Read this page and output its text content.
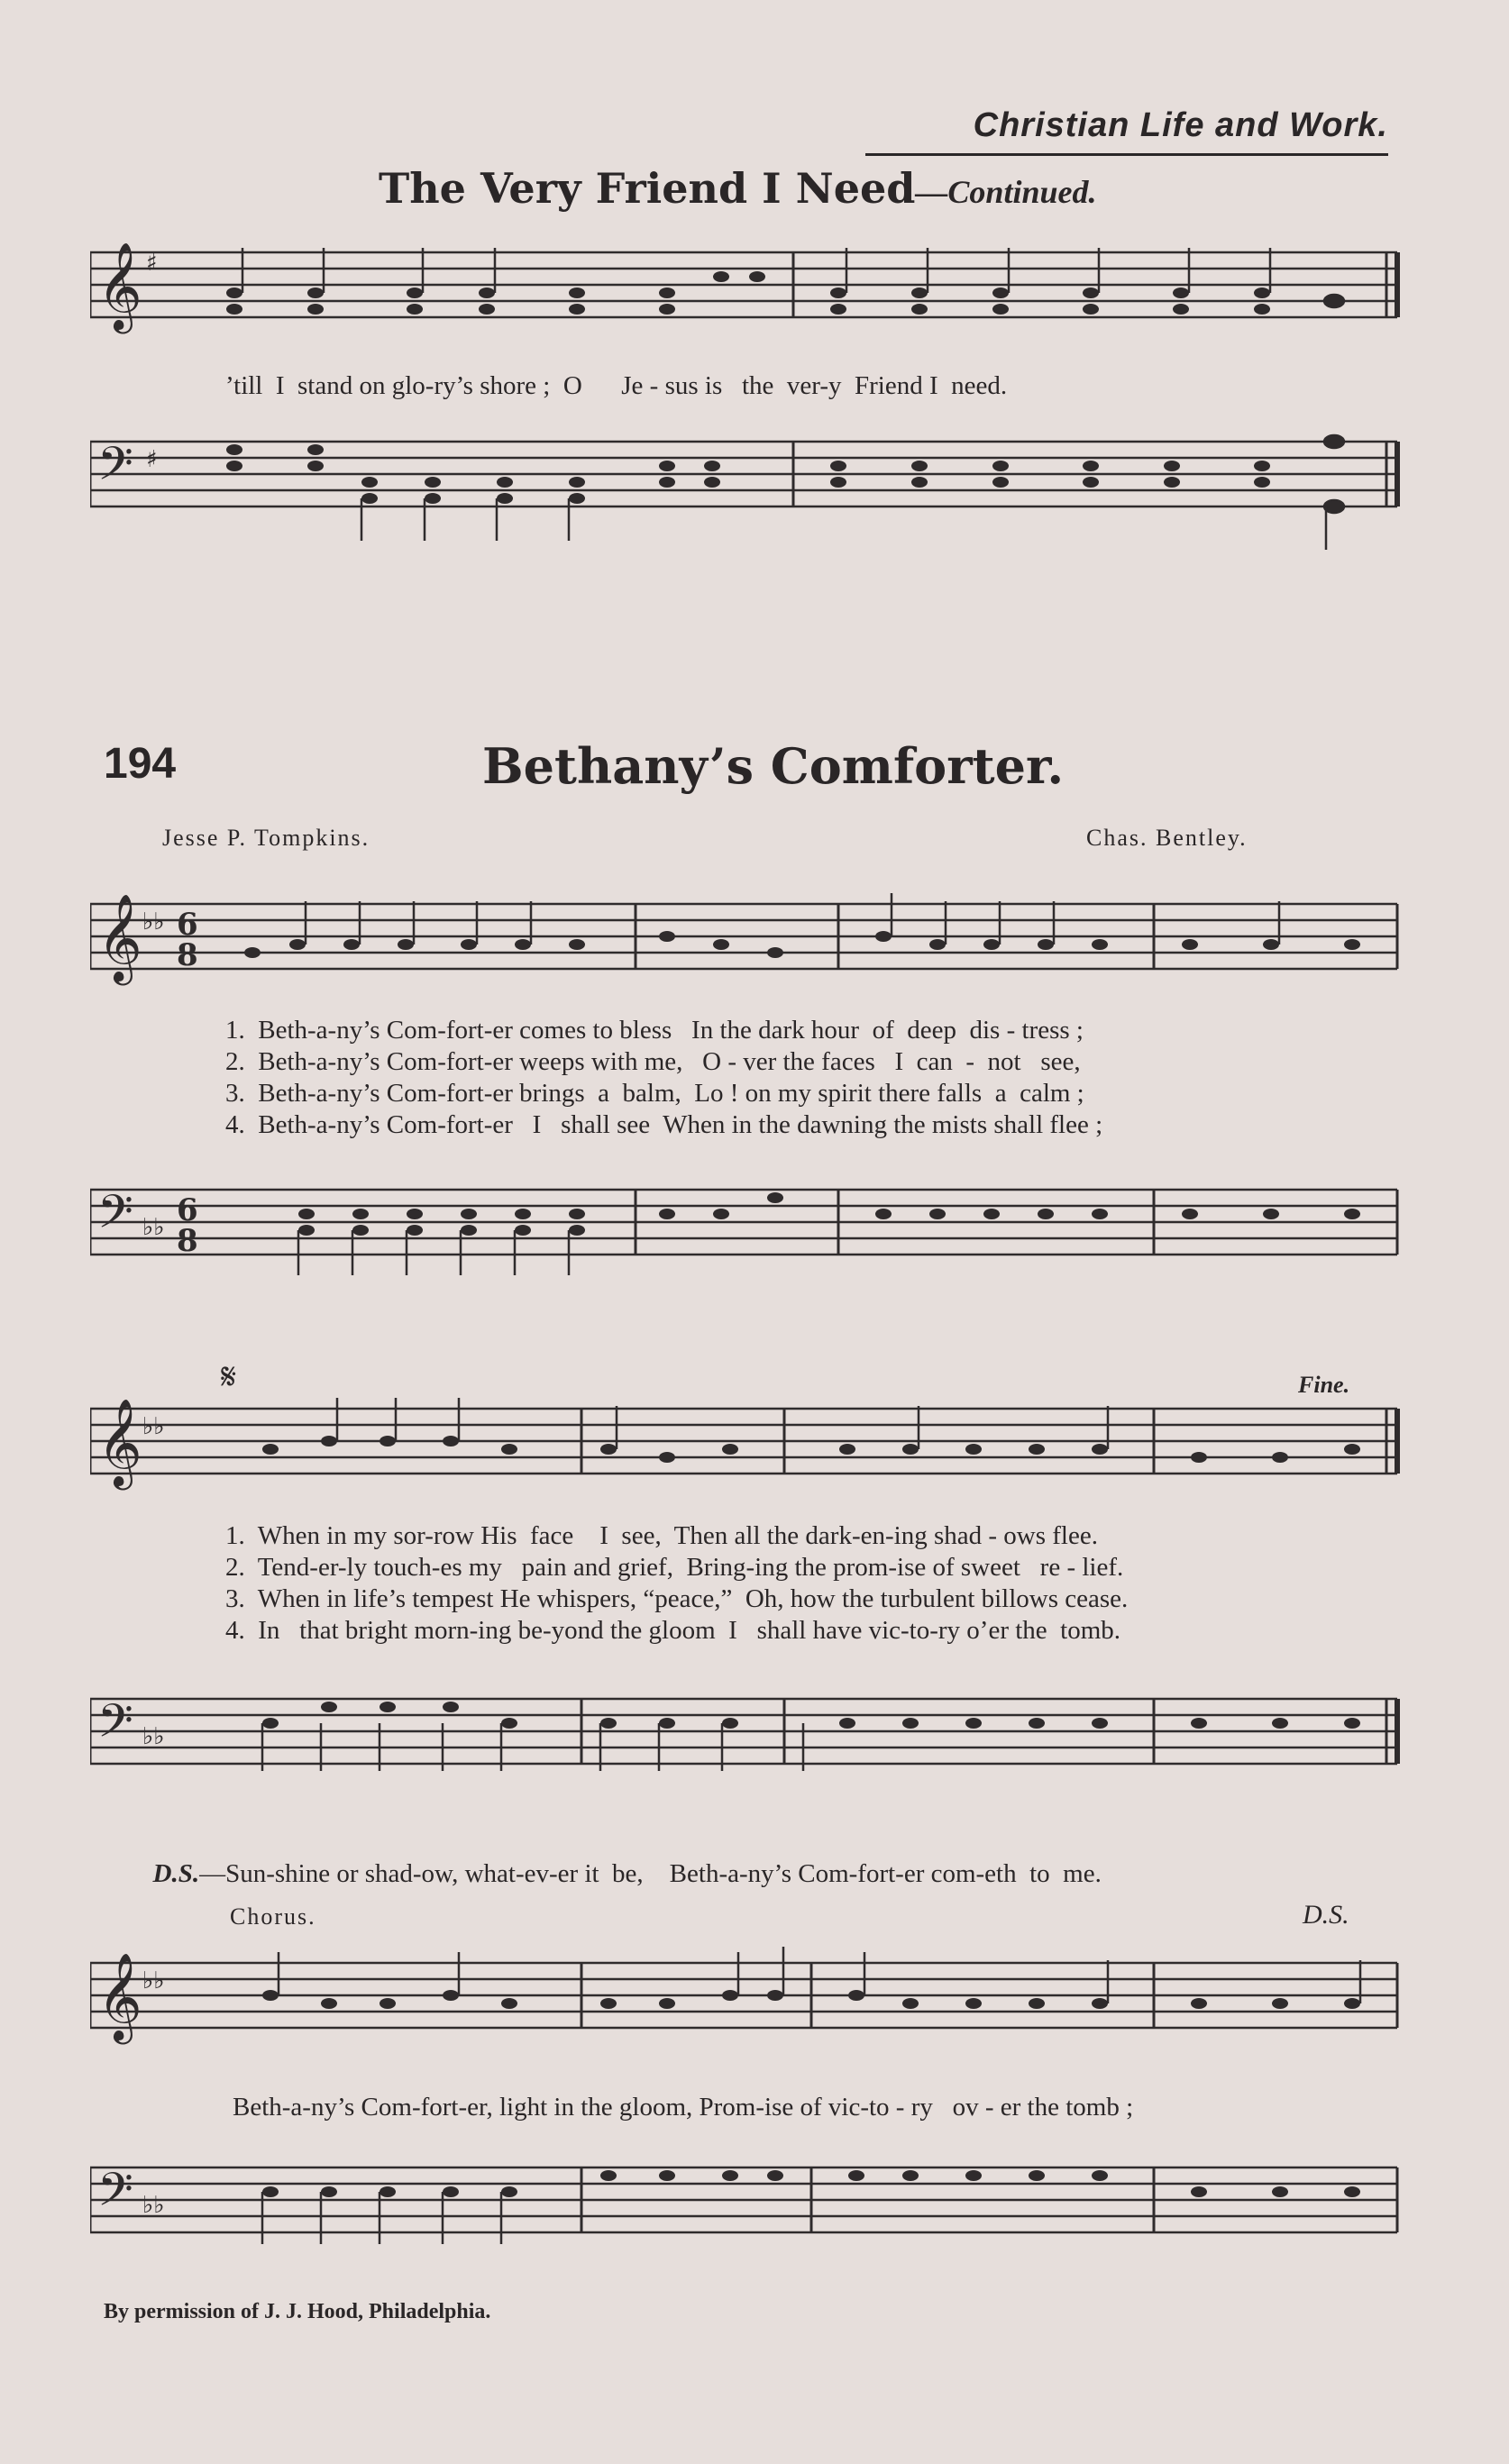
Christian Life and Work.
The Very Friend I Need—Continued.
𝄞 ♯
’till  I  stand on glo-ry’s shore ;  O      Je - sus is   the  ver-y  Friend I  need.
𝄢 ♯
194	Bethany’s Comforter.
Jesse P. Tompkins.	Chas. Bentley.
𝄞 ♭♭ 6
8
1.  Beth-a-ny’s Com-fort-er comes to bless   In the dark hour  of  deep  dis - tress ;
2.  Beth-a-ny’s Com-fort-er weeps with me,   O - ver the faces   I  can  -  not   see,
3.  Beth-a-ny’s Com-fort-er brings  a  balm,  Lo ! on my spirit there falls  a  calm ;
4.  Beth-a-ny’s Com-fort-er   I   shall see  When in the dawning the mists shall flee ;
𝄢 ♭♭ 6
8
𝄋	Fine.
𝄞 ♭♭
1.  When in my sor-row His  face    I  see,  Then all the dark-en-ing shad - ows flee.
2.  Tend-er-ly touch-es my   pain and grief,  Bring-ing the prom-ise of sweet   re - lief.
3.  When in life’s tempest He whispers, “peace,”  Oh, how the turbulent billows cease.
4.  In   that bright morn-ing be-yond the gloom  I   shall have vic-to-ry o’er the  tomb.
𝄢 ♭♭

D.S.—Sun-shine or shad-ow, what-ev-er it  be,    Beth-a-ny’s Com-fort-er com-eth  to  me.

Chorus.	D.S.
𝄞 ♭♭
Beth-a-ny’s Com-fort-er, light in the gloom, Prom-ise of vic-to - ry   ov - er the tomb ;
𝄢 ♭♭
By permission of J. J. Hood, Philadelphia.
